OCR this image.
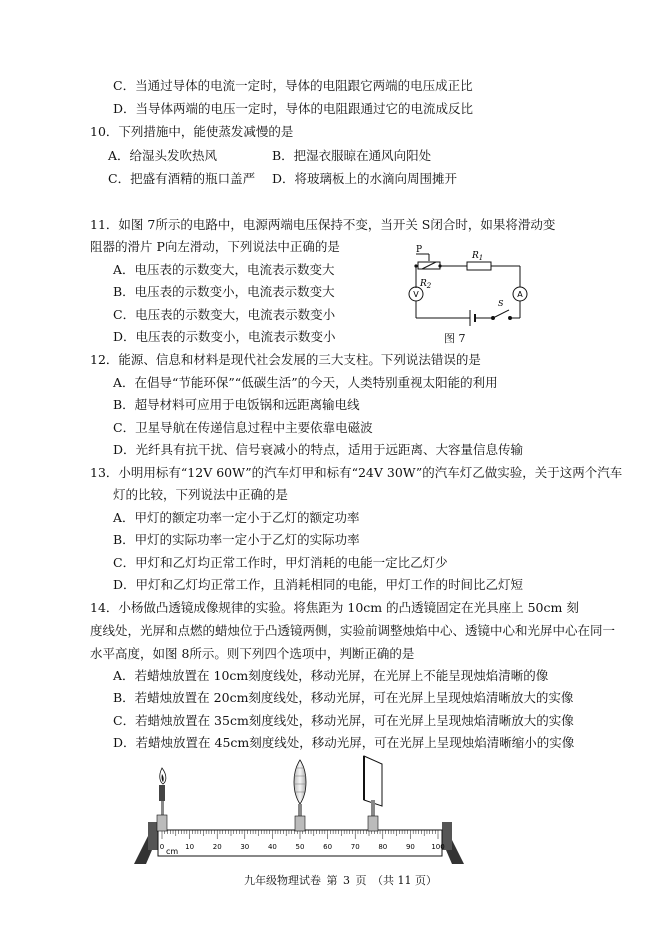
C．当通过导体的电流一定时，导体的电阻跟它两端的电压成正比
D．当导体两端的电压一定时，导体的电阻跟通过它的电流成反比
10．下列措施中，能使蒸发减慢的是
A．给湿头发吹热风	B．把湿衣服晾在通风向阳处
C．把盛有酒精的瓶口盖严 D．将玻璃板上的水滴向周围摊开
11．如图 7所示的电路中，电源两端电压保持不变，当开关 S闭合时，如果将滑动变
阻器的滑片 P向左滑动，下列说法中正确的是
A．电压表的示数变大，电流表示数变大
B．电压表的示数变小，电流表示数变大
C．电压表的示数变大，电流表示数变小
D．电压表的示数变小，电流表示数变小
P
$R_1$
$R_2$
V	A
S
图 7
12．能源、信息和材料是现代社会发展的三大支柱。下列说法错误的是
A．在倡导“节能环保”“低碳生活”的今天，人类特别重视太阳能的利用
B．超导材料可应用于电饭锅和远距离输电线
C．卫星导航在传递信息过程中主要依靠电磁波
D．光纤具有抗干扰、信号衰减小的特点，适用于远距离、大容量信息传输
13．小明用标有“12V 60W”的汽车灯甲和标有“24V 30W”的汽车灯乙做实验，关于这两个汽车
灯的比较，下列说法中正确的是
A．甲灯的额定功率一定小于乙灯的额定功率
B．甲灯的实际功率一定小于乙灯的实际功率
C．甲灯和乙灯均正常工作时，甲灯消耗的电能一定比乙灯少
D．甲灯和乙灯均正常工作，且消耗相同的电能，甲灯工作的时间比乙灯短
14．小杨做凸透镜成像规律的实验。将焦距为 10cm 的凸透镜固定在光具座上 50cm 刻
度线处，光屏和点燃的蜡烛位于凸透镜两侧，实验前调整烛焰中心、透镜中心和光屏中心在同一
水平高度，如图 8所示。则下列四个选项中，判断正确的是
A．若蜡烛放置在 10cm刻度线处，移动光屏，在光屏上不能呈现烛焰清晰的像
B．若蜡烛放置在 20cm刻度线处，移动光屏，可在光屏上呈现烛焰清晰放大的实像
C．若蜡烛放置在 35cm刻度线处，移动光屏，可在光屏上呈现烛焰清晰放大的实像
D．若蜡烛放置在 45cm刻度线处，移动光屏，可在光屏上呈现烛焰清晰缩小的实像
0	10	20	30	40	50	60	70	80	90 100
cm
九年级物理试卷 第 3 页 （共 11 页）
